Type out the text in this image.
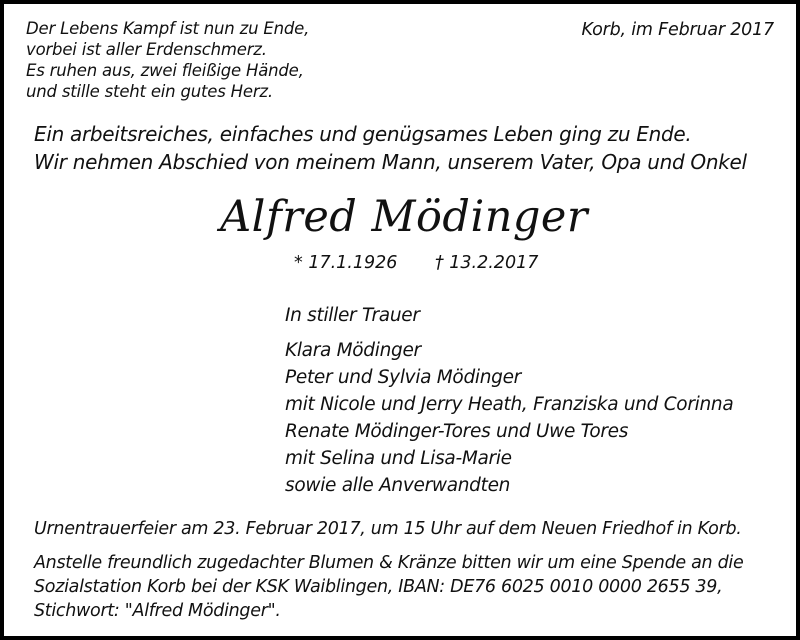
Der Lebens Kampf ist nun zu Ende,
vorbei ist aller Erdenschmerz.
Es ruhen aus, zwei fleißige Hände,
und stille steht ein gutes Herz.
Korb, im Februar 2017
Ein arbeitsreiches, einfaches und genügsames Leben ging zu Ende.
Wir nehmen Abschied von meinem Mann, unserem Vater, Opa und Onkel
Alfred Mödinger
* 17.1.1926 † 13.2.2017
In stiller Trauer
Klara Mödinger
Peter und Sylvia Mödinger
mit Nicole und Jerry Heath, Franziska und Corinna
Renate Mödinger-Tores und Uwe Tores
mit Selina und Lisa-Marie
sowie alle Anverwandten
Urnentrauerfeier am 23. Februar 2017, um 15 Uhr auf dem Neuen Friedhof in Korb.
Anstelle freundlich zugedachter Blumen & Kränze bitten wir um eine Spende an die
Sozialstation Korb bei der KSK Waiblingen, IBAN: DE76 6025 0010 0000 2655 39,
Stichwort: "Alfred Mödinger".
